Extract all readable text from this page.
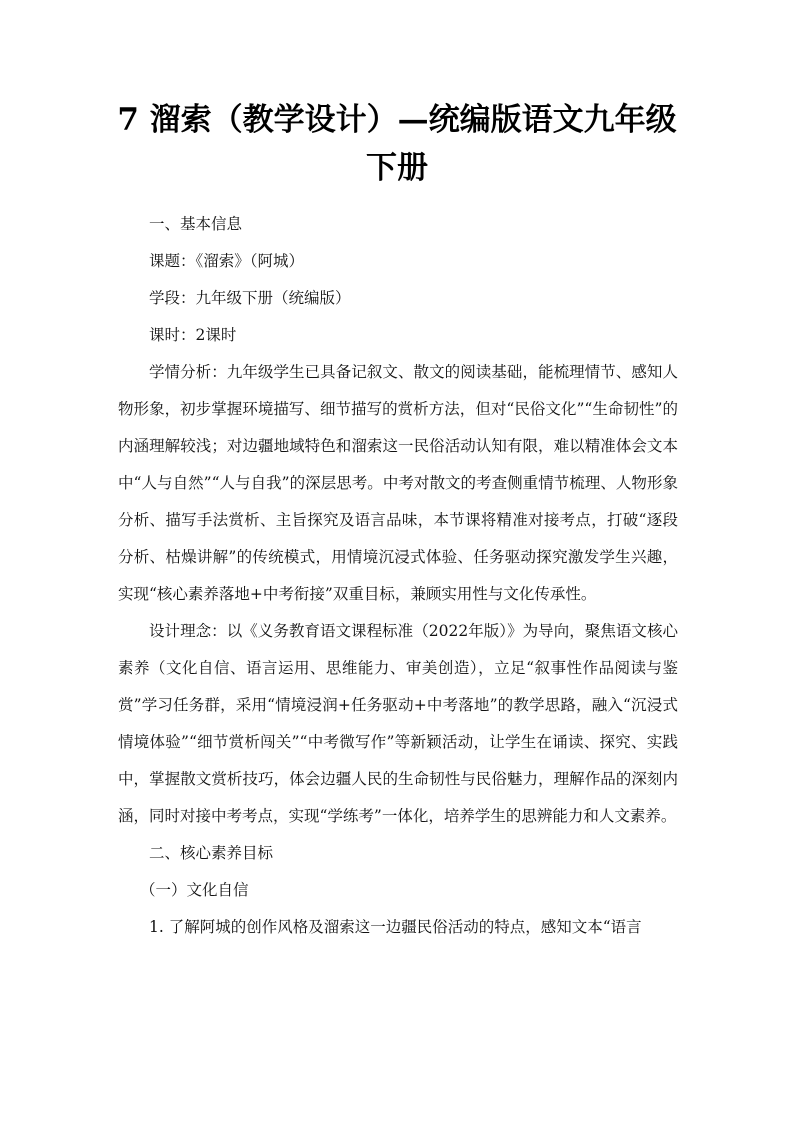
7 溜索（教学设计）—统编版语文九年级下册

一、基本信息

课题：《溜索》（阿城）

学段：九年级下册（统编版）

课时：2课时

学情分析：九年级学生已具备记叙文、散文的阅读基础，能梳理情节、感知人物形象，初步掌握环境描写、细节描写的赏析方法，但对“民俗文化”“生命韧性”的内涵理解较浅；对边疆地域特色和溜索这一民俗活动认知有限，难以精准体会文本中“人与自然”“人与自我”的深层思考。中考对散文的考查侧重情节梳理、人物形象分析、描写手法赏析、主旨探究及语言品味，本节课将精准对接考点，打破“逐段分析、枯燥讲解”的传统模式，用情境沉浸式体验、任务驱动探究激发学生兴趣，实现“核心素养落地+中考衔接”双重目标，兼顾实用性与文化传承性。

设计理念：以《义务教育语文课程标准（2022年版）》为导向，聚焦语文核心素养（文化自信、语言运用、思维能力、审美创造），立足“叙事性作品阅读与鉴赏”学习任务群，采用“情境浸润+任务驱动+中考落地”的教学思路，融入“沉浸式情境体验”“细节赏析闯关”“中考微写作”等新颖活动，让学生在诵读、探究、实践中，掌握散文赏析技巧，体会边疆人民的生命韧性与民俗魅力，理解作品的深刻内涵，同时对接中考考点，实现“学练考”一体化，培养学生的思辨能力和人文素养。

二、核心素养目标

（一）文化自信

1. 了解阿城的创作风格及溜索这一边疆民俗活动的特点，感知文本“语言
